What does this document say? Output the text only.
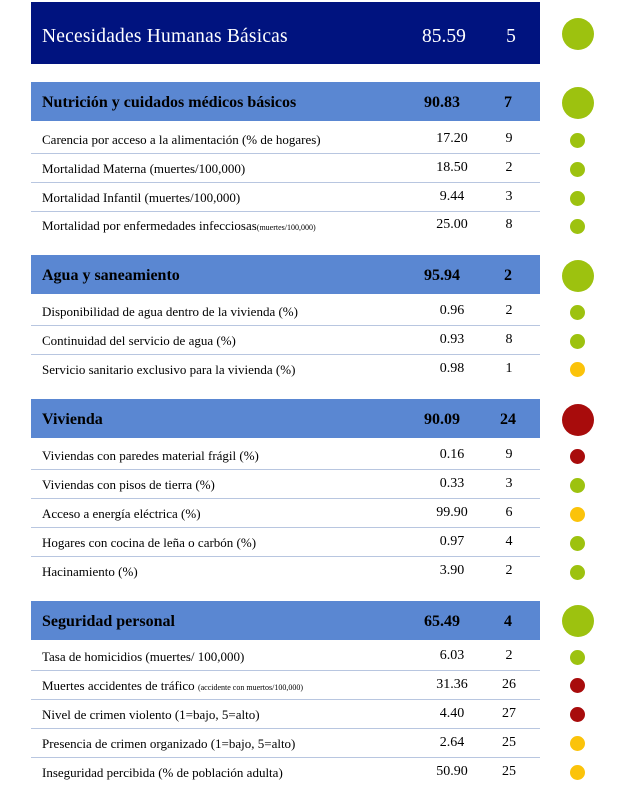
Necesidades Humanas Básicas	85.59 5
Nutrición y cuidados médicos básicos	90.83	7
Carencia por acceso a la alimentación (% de hogares)	17.20	9
Mortalidad Materna (muertes/100,000)	18.50	2
Mortalidad Infantil (muertes/100,000)	9.44	3
Mortalidad por enfermedades infecciosas(muertes/100,000)	25.00	8
Agua y saneamiento	95.94	2
Disponibilidad de agua dentro de la vivienda (%)	0.96	2
Continuidad del servicio de agua (%)	0.93	8
Servicio sanitario exclusivo para la vivienda (%)	0.98	1
Vivienda	90.09	24
Viviendas con paredes material frágil (%)	0.16	9
Viviendas con pisos de tierra (%)	0.33	3
Acceso a energía eléctrica (%)	99.90	6
Hogares con cocina de leña o carbón (%)	0.97	4
Hacinamiento (%)	3.90	2
Seguridad personal	65.49	4
Tasa de homicidios (muertes/ 100,000)	6.03	2
Muertes accidentes de tráfico (accidente con muertos/100,000)	31.36	26
Nivel de crimen violento (1=bajo, 5=alto)	4.40	27
Presencia de crimen organizado (1=bajo, 5=alto)	2.64	25
Inseguridad percibida (% de población adulta)	50.90	25
